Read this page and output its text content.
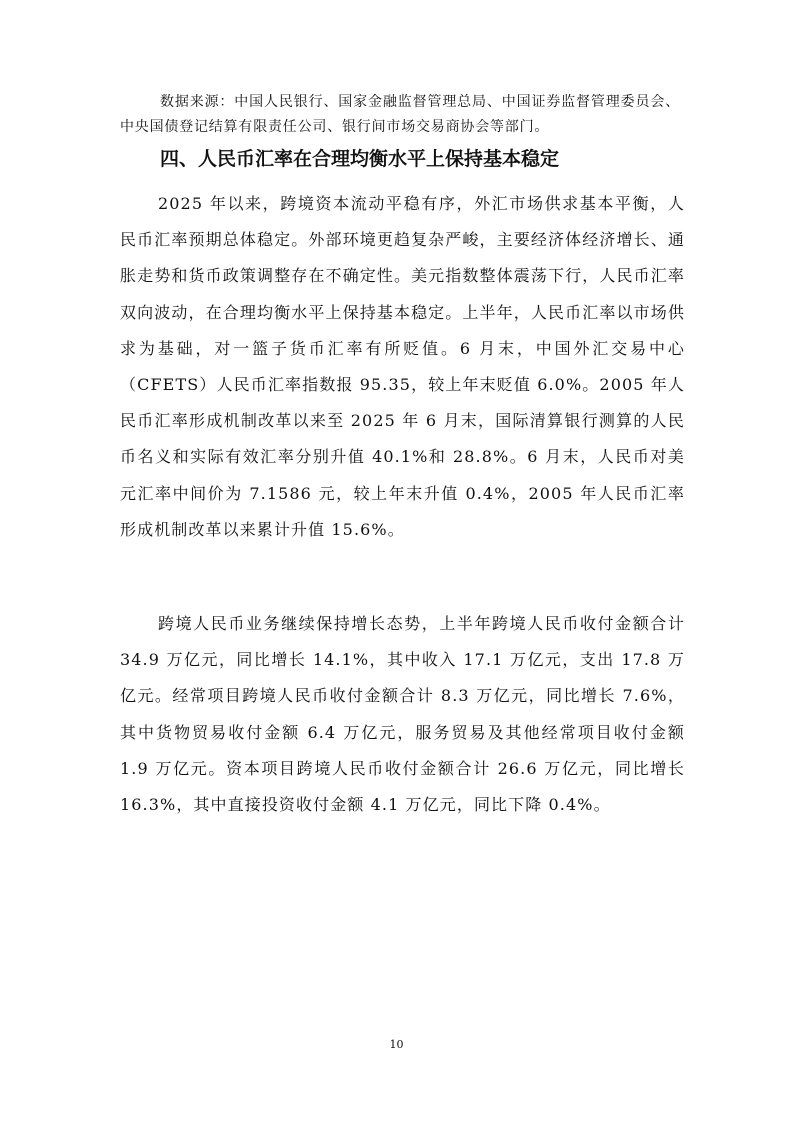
数据来源：中国人民银行、国家金融监督管理总局、中国证券监督管理委员会、中央国债登记结算有限责任公司、银行间市场交易商协会等部门。

四、人民币汇率在合理均衡水平上保持基本稳定

2025 年以来，跨境资本流动平稳有序，外汇市场供求基本平衡，人民币汇率预期总体稳定。外部环境更趋复杂严峻，主要经济体经济增长、通胀走势和货币政策调整存在不确定性。美元指数整体震荡下行，人民币汇率双向波动，在合理均衡水平上保持基本稳定。上半年，人民币汇率以市场供求为基础，对一篮子货币汇率有所贬值。6 月末，中国外汇交易中心（CFETS）人民币汇率指数报 95.35，较上年末贬值 6.0%。2005 年人民币汇率形成机制改革以来至 2025 年 6 月末，国际清算银行测算的人民币名义和实际有效汇率分别升值 40.1%和 28.8%。6 月末，人民币对美元汇率中间价为 7.1586 元，较上年末升值 0.4%，2005 年人民币汇率形成机制改革以来累计升值 15.6%。

跨境人民币业务继续保持增长态势，上半年跨境人民币收付金额合计 34.9 万亿元，同比增长 14.1%，其中收入 17.1 万亿元，支出 17.8 万亿元。经常项目跨境人民币收付金额合计 8.3 万亿元，同比增长 7.6%，其中货物贸易收付金额 6.4 万亿元，服务贸易及其他经常项目收付金额 1.9 万亿元。资本项目跨境人民币收付金额合计 26.6 万亿元，同比增长 16.3%，其中直接投资收付金额 4.1 万亿元，同比下降 0.4%。

10
